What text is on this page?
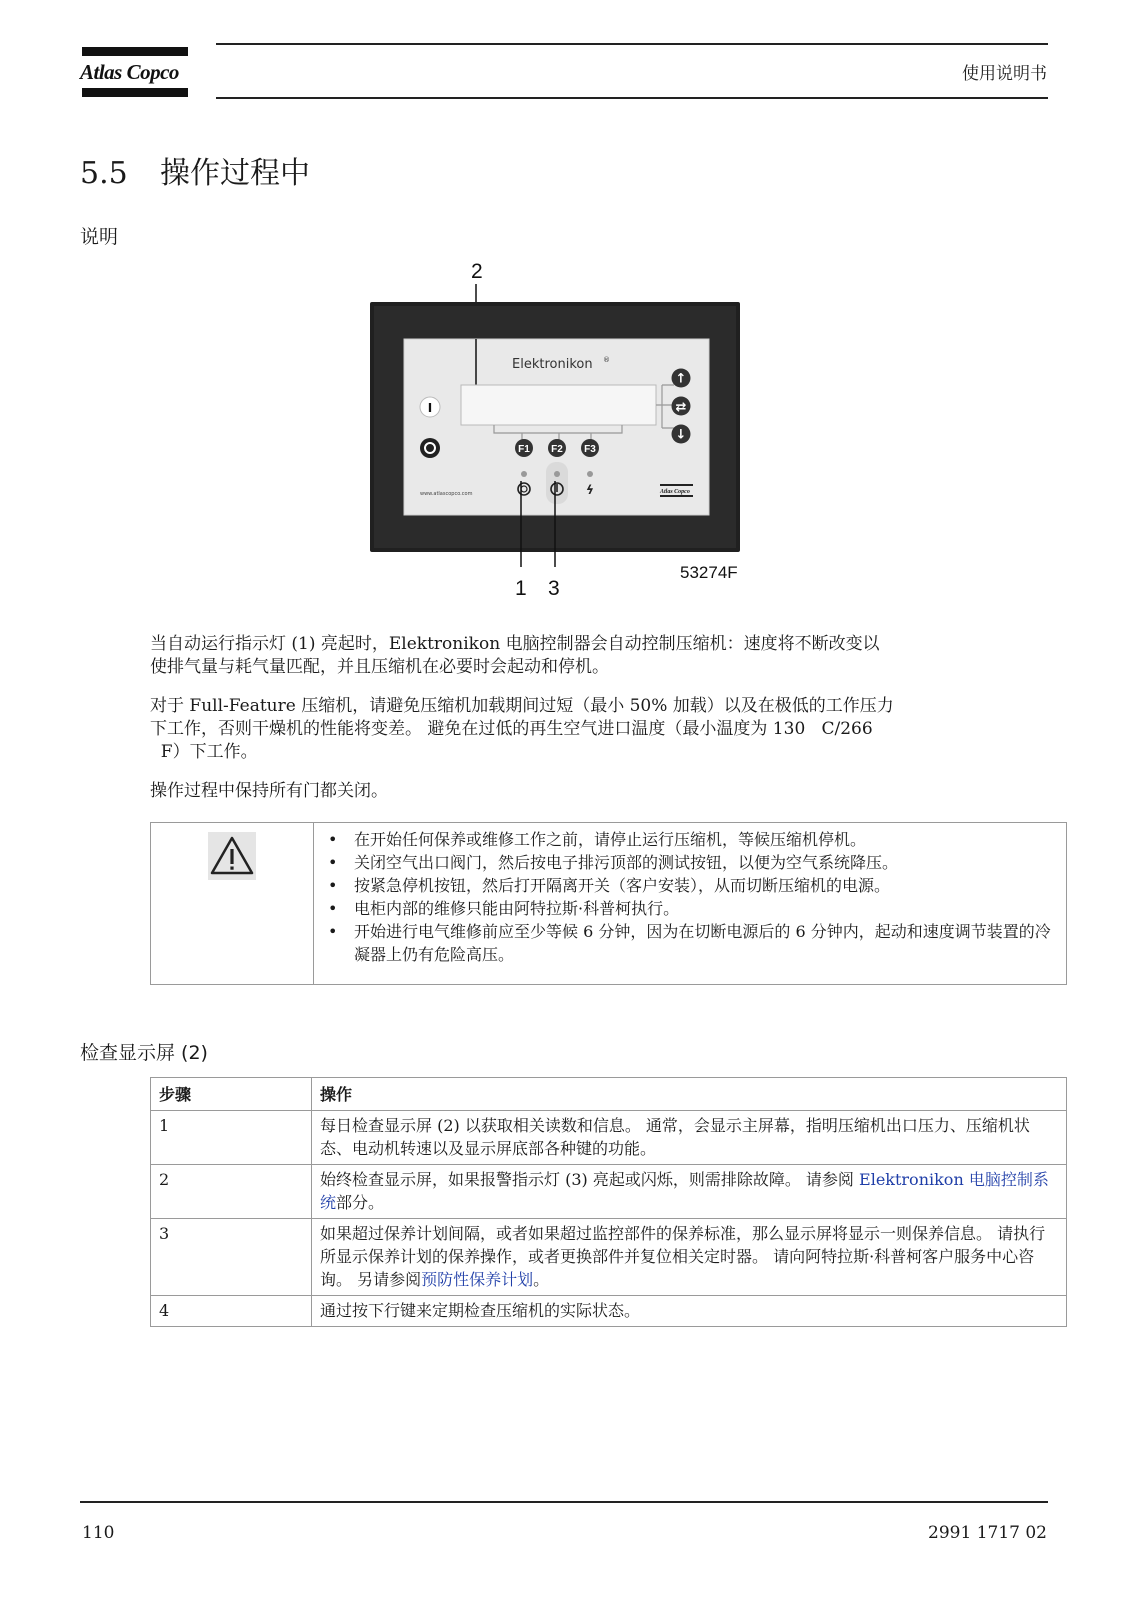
Atlas Copco	使用说明书
5.5 操作过程中
说明
2
Elektronikon ®
↑
⇄
↓
F1 F2 F3
I
ϟ
www.atlascopco.com	Atlas Copco
1 3
53274F

当自动运行指示灯 (1) 亮起时，Elektronikon 电脑控制器会自动控制压缩机：速度将不断改变以

使排气量与耗气量匹配，并且压缩机在必要时会起动和停机。

对于 Full-Feature 压缩机，请避免压缩机加载期间过短（最小 50% 加载）以及在极低的工作压力

下工作，否则干燥机的性能将变差。 避免在过低的再生空气进口温度（最小温度为 130   C/266

F）下工作。

操作过程中保持所有门都关闭。

• 在开始任何保养或维修工作之前，请停止运行压缩机，等候压缩机停机。
• 关闭空气出口阀门，然后按电子排污顶部的测试按钮，以便为空气系统降压。
• 按紧急停机按钮，然后打开隔离开关（客户安装），从而切断压缩机的电源。
• 电柜内部的维修只能由阿特拉斯·科普柯执行。
• 开始进行电气维修前应至少等候 6 分钟，因为在切断电源后的 6 分钟内，起动和速度调节装置的冷凝器上仍有危险高压。
检查显示屏 (2)
步骤	操作
1	每日检查显示屏 (2) 以获取相关读数和信息。 通常，会显示主屏幕，指明压缩机出口压力、压缩机状态、电动机转速以及显示屏底部各种键的功能。
2	始终检查显示屏，如果报警指示灯 (3) 亮起或闪烁，则需排除故障。 请参阅 Elektronikon 电脑控制系统部分。
3	如果超过保养计划间隔，或者如果超过监控部件的保养标准，那么显示屏将显示一则保养信息。 请执行所显示保养计划的保养操作，或者更换部件并复位相关定时器。 请向阿特拉斯·科普柯客户服务中心咨询。 另请参阅预防性保养计划。
4	通过按下行键来定期检查压缩机的实际状态。
110	2991 1717 02
